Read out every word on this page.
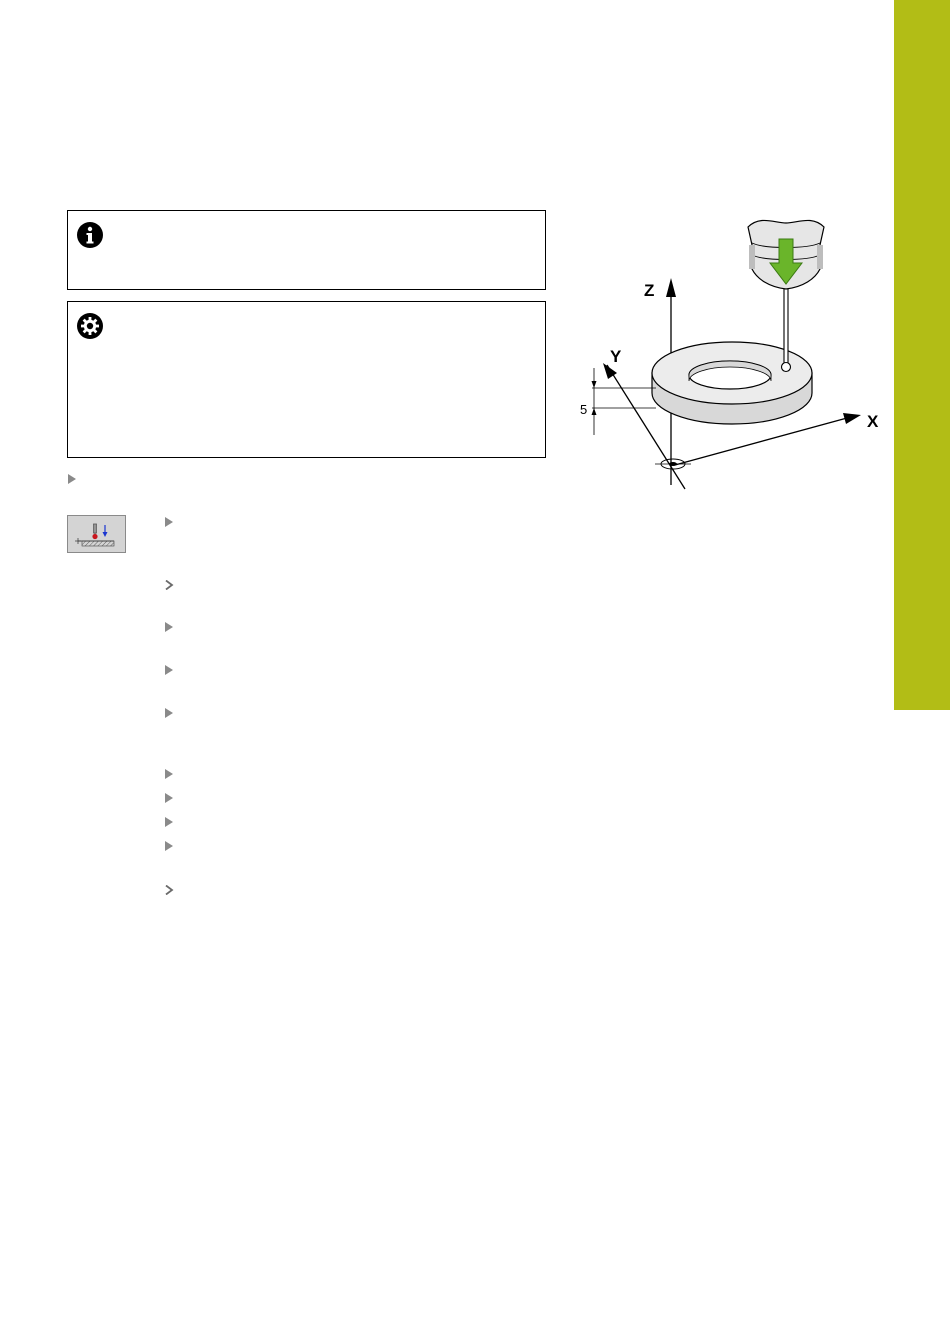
Z
Y
X
5
